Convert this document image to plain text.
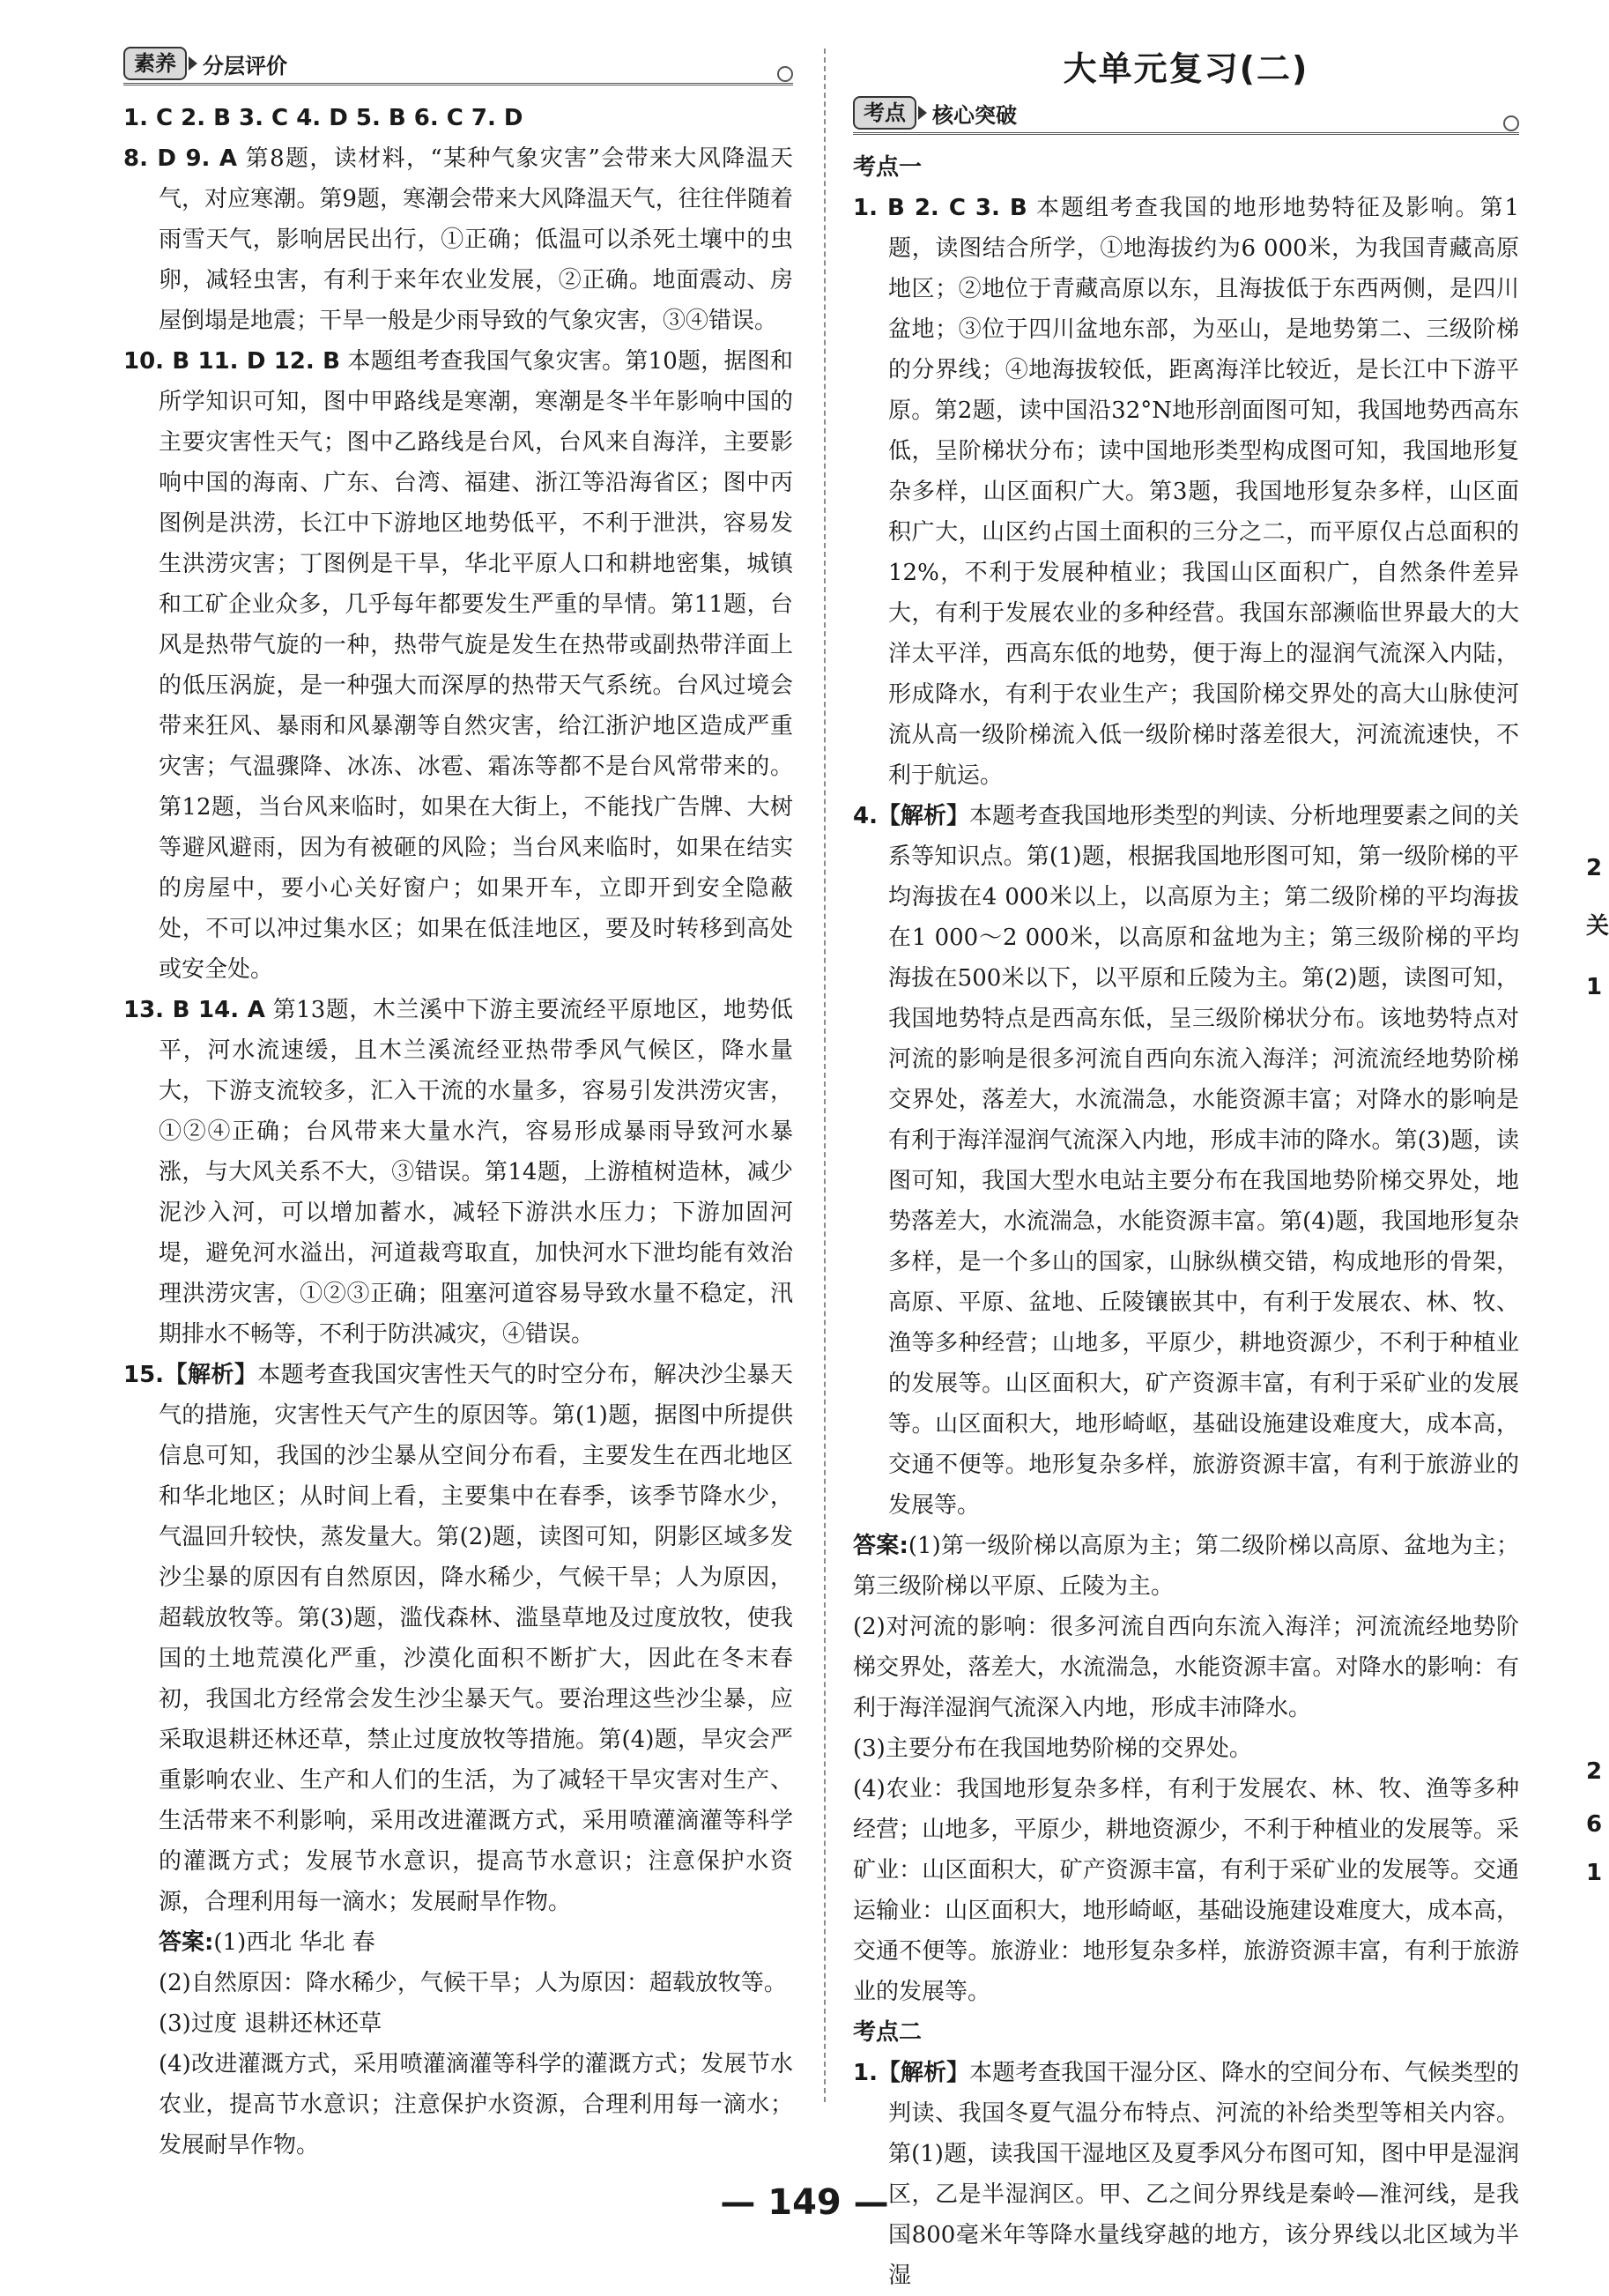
素养	分层评价

1. C 2. B 3. C 4. D 5. B 6. C 7. D

8. D 9. A 第8题，读材料，“某种气象灾害”会带来大风降温天气，对应寒潮。第9题，寒潮会带来大风降温天气，往往伴随着雨雪天气，影响居民出行，①正确；低温可以杀死土壤中的虫卵，减轻虫害，有利于来年农业发展，②正确。地面震动、房屋倒塌是地震；干旱一般是少雨导致的气象灾害，③④错误。

10. B 11. D 12. B 本题组考查我国气象灾害。第10题，据图和所学知识可知，图中甲路线是寒潮，寒潮是冬半年影响中国的主要灾害性天气；图中乙路线是台风，台风来自海洋，主要影响中国的海南、广东、台湾、福建、浙江等沿海省区；图中丙图例是洪涝，长江中下游地区地势低平，不利于泄洪，容易发生洪涝灾害；丁图例是干旱，华北平原人口和耕地密集，城镇和工矿企业众多，几乎每年都要发生严重的旱情。第11题，台风是热带气旋的一种，热带气旋是发生在热带或副热带洋面上的低压涡旋，是一种强大而深厚的热带天气系统。台风过境会带来狂风、暴雨和风暴潮等自然灾害，给江浙沪地区造成严重灾害；气温骤降、冰冻、冰雹、霜冻等都不是台风常带来的。第12题，当台风来临时，如果在大街上，不能找广告牌、大树等避风避雨，因为有被砸的风险；当台风来临时，如果在结实的房屋中，要小心关好窗户；如果开车，立即开到安全隐蔽处，不可以冲过集水区；如果在低洼地区，要及时转移到高处或安全处。

13. B 14. A 第13题，木兰溪中下游主要流经平原地区，地势低平，河水流速缓，且木兰溪流经亚热带季风气候区，降水量大，下游支流较多，汇入干流的水量多，容易引发洪涝灾害，①②④正确；台风带来大量水汽，容易形成暴雨导致河水暴涨，与大风关系不大，③错误。第14题，上游植树造林，减少泥沙入河，可以增加蓄水，减轻下游洪水压力；下游加固河堤，避免河水溢出，河道裁弯取直，加快河水下泄均能有效治理洪涝灾害，①②③正确；阻塞河道容易导致水量不稳定，汛期排水不畅等，不利于防洪减灾，④错误。

15.【解析】本题考查我国灾害性天气的时空分布，解决沙尘暴天气的措施，灾害性天气产生的原因等。第(1)题，据图中所提供信息可知，我国的沙尘暴从空间分布看，主要发生在西北地区和华北地区；从时间上看，主要集中在春季，该季节降水少，气温回升较快，蒸发量大。第(2)题，读图可知，阴影区域多发沙尘暴的原因有自然原因，降水稀少，气候干旱；人为原因，超载放牧等。第(3)题，滥伐森林、滥垦草地及过度放牧，使我国的土地荒漠化严重，沙漠化面积不断扩大，因此在冬末春初，我国北方经常会发生沙尘暴天气。要治理这些沙尘暴，应采取退耕还林还草，禁止过度放牧等措施。第(4)题，旱灾会严重影响农业、生产和人们的生活，为了减轻干旱灾害对生产、生活带来不利影响，采用改进灌溉方式，采用喷灌滴灌等科学的灌溉方式；发展节水意识，提高节水意识；注意保护水资源，合理利用每一滴水；发展耐旱作物。

答案:(1)西北 华北 春

(2)自然原因：降水稀少，气候干旱；人为原因：超载放牧等。

(3)过度 退耕还林还草

(4)改进灌溉方式，采用喷灌滴灌等科学的灌溉方式；发展节水农业，提高节水意识；注意保护水资源，合理利用每一滴水；发展耐旱作物。

大单元复习(二)
考点	核心突破
考点一

1. B 2. C 3. B 本题组考查我国的地形地势特征及影响。第1题，读图结合所学，①地海拔约为6 000米，为我国青藏高原地区；②地位于青藏高原以东，且海拔低于东西两侧，是四川盆地；③位于四川盆地东部，为巫山，是地势第二、三级阶梯的分界线；④地海拔较低，距离海洋比较近，是长江中下游平原。第2题，读中国沿32°N地形剖面图可知，我国地势西高东低，呈阶梯状分布；读中国地形类型构成图可知，我国地形复杂多样，山区面积广大。第3题，我国地形复杂多样，山区面积广大，山区约占国土面积的三分之二，而平原仅占总面积的12%，不利于发展种植业；我国山区面积广，自然条件差异大，有利于发展农业的多种经营。我国东部濒临世界最大的大洋太平洋，西高东低的地势，便于海上的湿润气流深入内陆，形成降水，有利于农业生产；我国阶梯交界处的高大山脉使河流从高一级阶梯流入低一级阶梯时落差很大，河流流速快，不利于航运。

4.【解析】本题考查我国地形类型的判读、分析地理要素之间的关系等知识点。第(1)题，根据我国地形图可知，第一级阶梯的平均海拔在4 000米以上，以高原为主；第二级阶梯的平均海拔在1 000～2 000米，以高原和盆地为主；第三级阶梯的平均海拔在500米以下，以平原和丘陵为主。第(2)题，读图可知，我国地势特点是西高东低，呈三级阶梯状分布。该地势特点对河流的影响是很多河流自西向东流入海洋；河流流经地势阶梯交界处，落差大，水流湍急，水能资源丰富；对降水的影响是有利于海洋湿润气流深入内地，形成丰沛的降水。第(3)题，读图可知，我国大型水电站主要分布在我国地势阶梯交界处，地势落差大，水流湍急，水能资源丰富。第(4)题，我国地形复杂多样，是一个多山的国家，山脉纵横交错，构成地形的骨架，高原、平原、盆地、丘陵镶嵌其中，有利于发展农、林、牧、渔等多种经营；山地多，平原少，耕地资源少，不利于种植业的发展等。山区面积大，矿产资源丰富，有利于采矿业的发展等。山区面积大，地形崎岖，基础设施建设难度大，成本高，交通不便等。地形复杂多样，旅游资源丰富，有利于旅游业的发展等。

答案:(1)第一级阶梯以高原为主；第二级阶梯以高原、盆地为主；第三级阶梯以平原、丘陵为主。

(2)对河流的影响：很多河流自西向东流入海洋；河流流经地势阶梯交界处，落差大，水流湍急，水能资源丰富。对降水的影响：有利于海洋湿润气流深入内地，形成丰沛降水。

(3)主要分布在我国地势阶梯的交界处。

(4)农业：我国地形复杂多样，有利于发展农、林、牧、渔等多种经营；山地多，平原少，耕地资源少，不利于种植业的发展等。采矿业：山区面积大，矿产资源丰富，有利于采矿业的发展等。交通运输业：山区面积大，地形崎岖，基础设施建设难度大，成本高，交通不便等。旅游业：地形复杂多样，旅游资源丰富，有利于旅游业的发展等。

考点二

1.【解析】本题考查我国干湿分区、降水的空间分布、气候类型的判读、我国冬夏气温分布特点、河流的补给类型等相关内容。第(1)题，读我国干湿地区及夏季风分布图可知，图中甲是湿润区，乙是半湿润区。甲、乙之间分界线是秦岭—淮河线，是我国800毫米年等降水量线穿越的地方，该分界线以北区域为半湿

2
关
1
2
6
1
— 149 —
